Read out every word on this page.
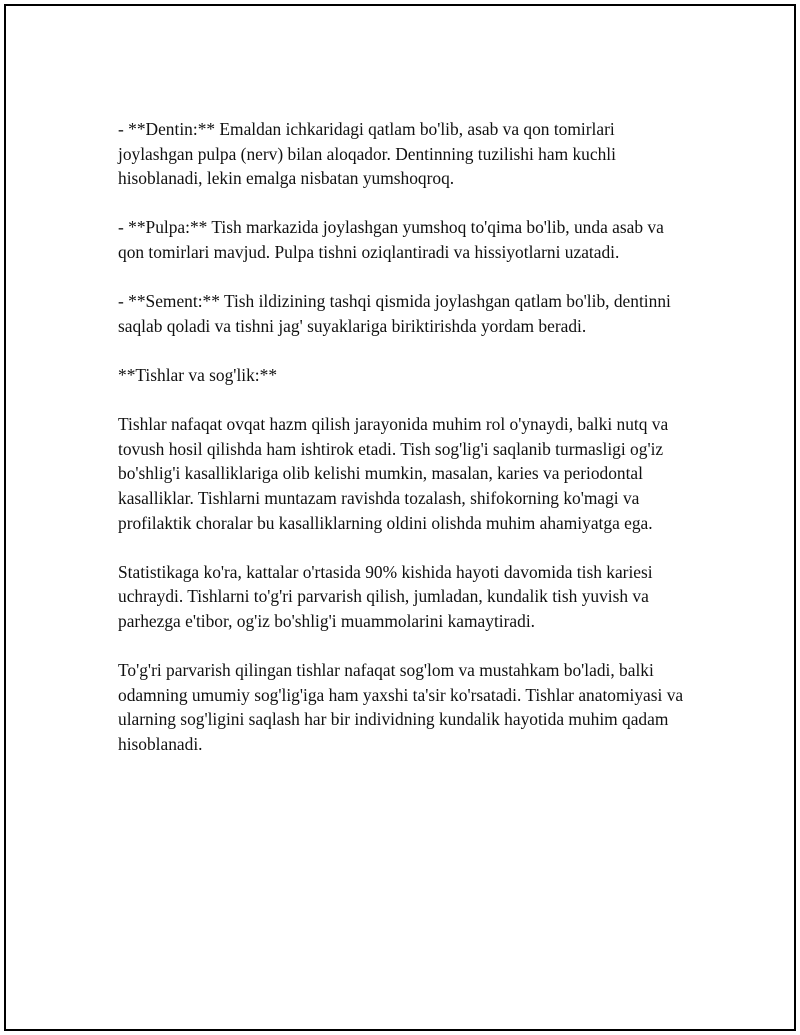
- **Dentin:** Emaldan ichkaridagi qatlam bo'lib, asab va qon tomirlari joylashgan pulpa (nerv) bilan aloqador. Dentinning tuzilishi ham kuchli hisoblanadi, lekin emalga nisbatan yumshoqroq.

- **Pulpa:** Tish markazida joylashgan yumshoq to'qima bo'lib, unda asab va qon tomirlari mavjud. Pulpa tishni oziqlantiradi va hissiyotlarni uzatadi.

- **Sement:** Tish ildizining tashqi qismida joylashgan qatlam bo'lib, dentinni saqlab qoladi va tishni jag' suyaklariga biriktirishda yordam beradi.

**Tishlar va sog'lik:**

Tishlar nafaqat ovqat hazm qilish jarayonida muhim rol o'ynaydi, balki nutq va tovush hosil qilishda ham ishtirok etadi. Tish sog'lig'i saqlanib turmasligi og'iz bo'shlig'i kasalliklariga olib kelishi mumkin, masalan, karies va periodontal kasalliklar. Tishlarni muntazam ravishda tozalash, shifokorning ko'magi va profilaktik choralar bu kasalliklarning oldini olishda muhim ahamiyatga ega.

Statistikaga ko'ra, kattalar o'rtasida 90% kishida hayoti davomida tish kariesi uchraydi. Tishlarni to'g'ri parvarish qilish, jumladan, kundalik tish yuvish va parhezga e'tibor, og'iz bo'shlig'i muammolarini kamaytiradi.

To'g'ri parvarish qilingan tishlar nafaqat sog'lom va mustahkam bo'ladi, balki odamning umumiy sog'lig'iga ham yaxshi ta'sir ko'rsatadi. Tishlar anatomiyasi va ularning sog'ligini saqlash har bir individning kundalik hayotida muhim qadam hisoblanadi.
